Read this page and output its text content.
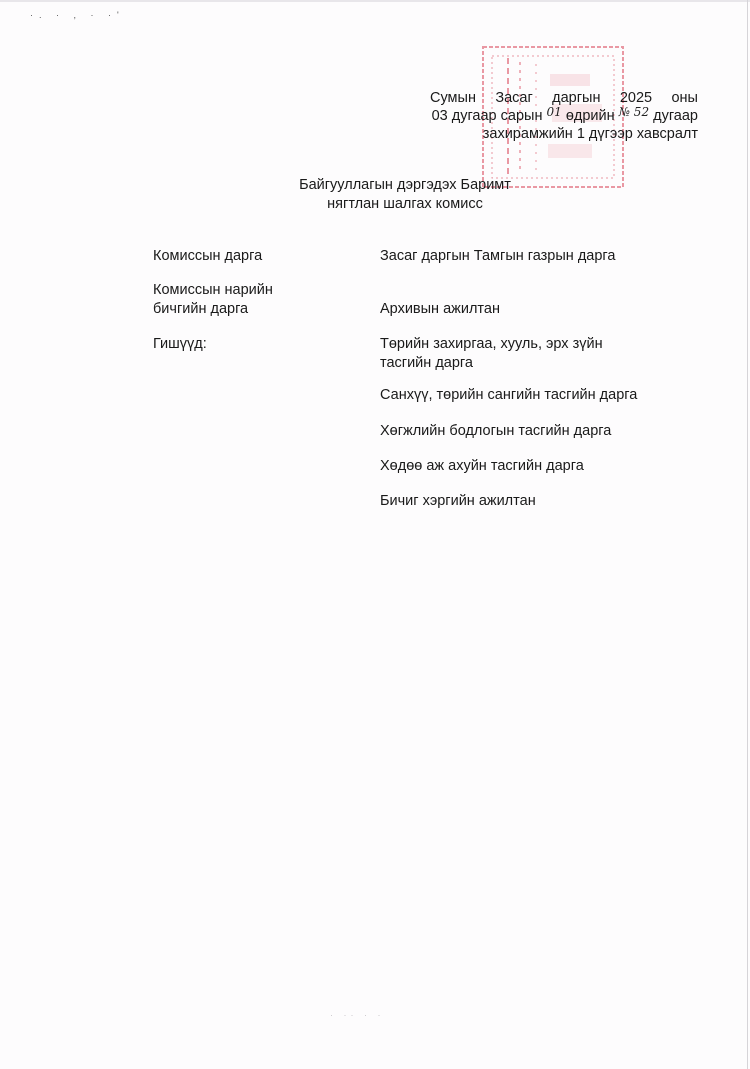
·. · , · ·'
Сумын Засаг даргын 2025 оны
03 дугаар сарын $^{01}$ өдрийн $^{№ 52}$ дугаар
захирамжийн 1 дүгээр хавсралт
Байгууллагын дэргэдэх Баримт
нягтлан шалгах комисс
Комиссын дарга	Засаг даргын Тамгын газрын дарга
Комиссын нарийн
бичгийн дарга	Архивын ажилтан
Гишүүд:	Төрийн захиргаа, хууль, эрх зүйн
тасгийн дарга
Санхүү, төрийн сангийн тасгийн дарга
Хөгжлийн бодлогын тасгийн дарга
Хөдөө аж ахуйн тасгийн дарга
Бичиг хэргийн ажилтан
· ·· · ·
